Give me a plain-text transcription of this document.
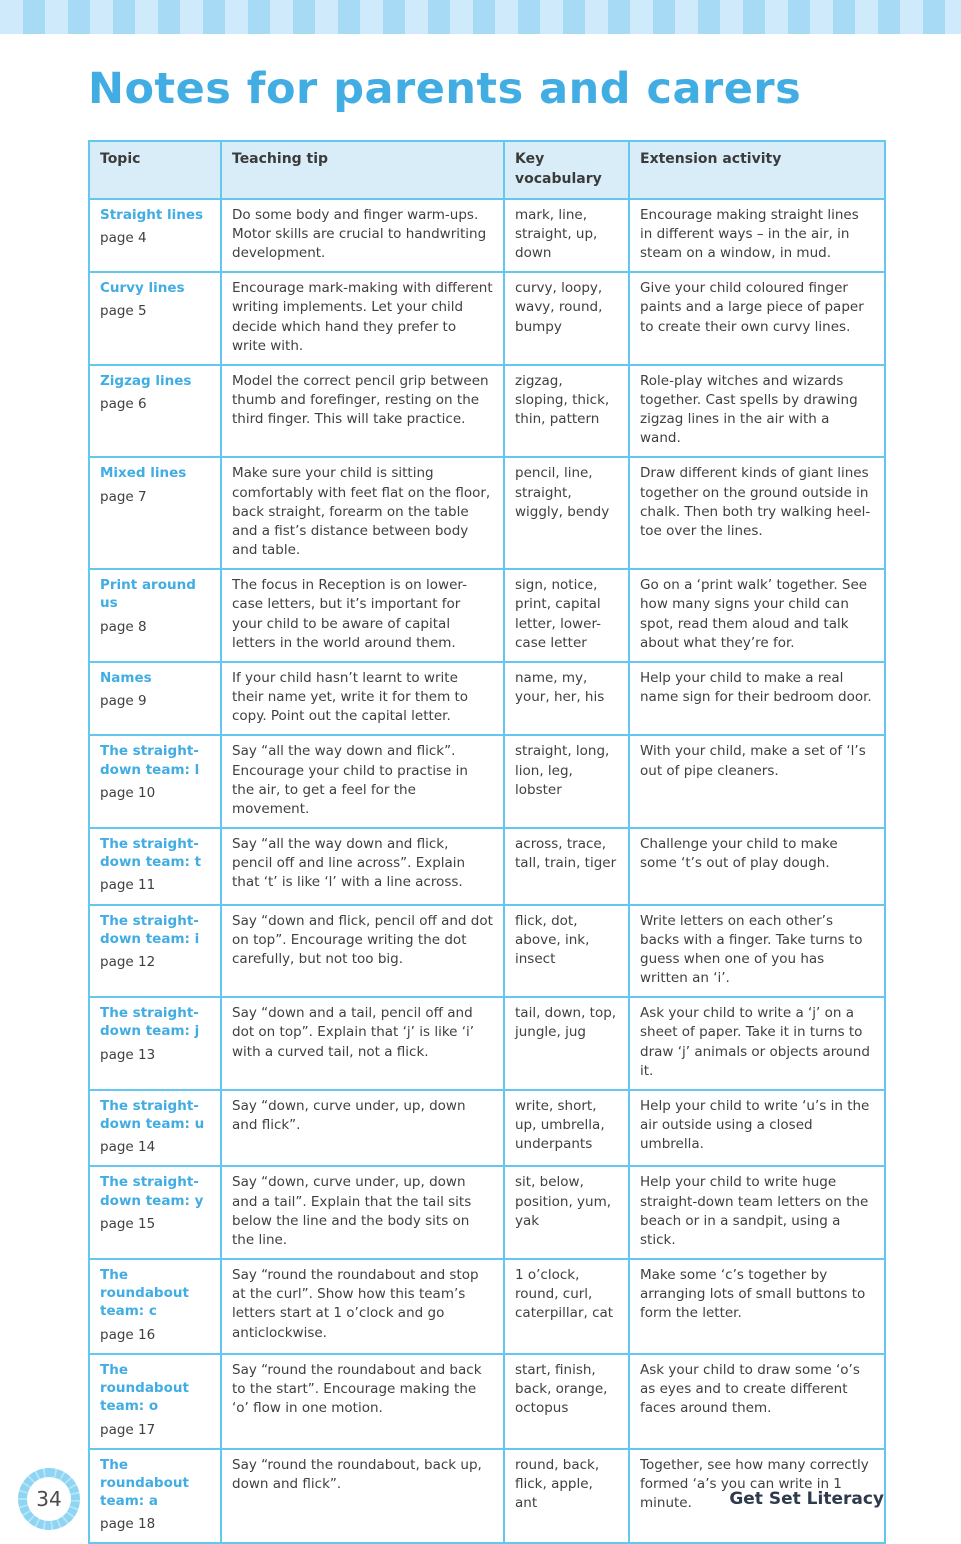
Notes for parents and carers
Topic	Teaching tip	Key vocabulary	Extension activity

Straight lines
page 4	Do some body and finger warm-ups. Motor skills are crucial to handwriting development.	mark, line, straight, up, down	Encourage making straight lines in different ways – in the air, in steam on a window, in mud.

Curvy lines
page 5	Encourage mark-making with different writing implements. Let your child decide which hand they prefer to write with.	curvy, loopy, wavy, round, bumpy	Give your child coloured finger paints and a large piece of paper to create their own curvy lines.

Zigzag lines
page 6	Model the correct pencil grip between thumb and forefinger, resting on the third finger. This will take practice.	zigzag, sloping, thick, thin, pattern	Role-play witches and wizards together. Cast spells by drawing zigzag lines in the air with a wand.

Mixed lines
page 7	Make sure your child is sitting comfortably with feet flat on the floor, back straight, forearm on the table and a fist’s distance between body and table.	pencil, line, straight, wiggly, bendy	Draw different kinds of giant lines together on the ground outside in chalk. Then both try walking heel-toe over the lines.

Print around us
page 8	The focus in Reception is on lower-case letters, but it’s important for your child to be aware of capital letters in the world around them.	sign, notice, print, capital letter, lower-case letter	Go on a ‘print walk’ together. See how many signs your child can spot, read them aloud and talk about what they’re for.

Names
page 9	If your child hasn’t learnt to write their name yet, write it for them to copy. Point out the capital letter.	name, my, your, her, his	Help your child to make a real name sign for their bedroom door.

The straight-down team: l
page 10	Say “all the way down and flick”. Encourage your child to practise in the air, to get a feel for the movement.	straight, long, lion, leg, lobster	With your child, make a set of ‘l’s out of pipe cleaners.

The straight-down team: t
page 11	Say “all the way down and flick, pencil off and line across”. Explain that ‘t’ is like ‘l’ with a line across.	across, trace, tall, train, tiger	Challenge your child to make some ‘t’s out of play dough.

The straight-down team: i
page 12	Say “down and flick, pencil off and dot on top”. Encourage writing the dot carefully, but not too big.	flick, dot, above, ink, insect	Write letters on each other’s backs with a finger. Take turns to guess when one of you has written an ‘i’.

The straight-down team: j
page 13	Say “down and a tail, pencil off and dot on top”. Explain that ‘j’ is like ‘i’ with a curved tail, not a flick.	tail, down, top, jungle, jug	Ask your child to write a ‘j’ on a sheet of paper. Take it in turns to draw ‘j’ animals or objects around it.

The straight-down team: u
page 14	Say “down, curve under, up, down and flick”.	write, short, up, umbrella, underpants	Help your child to write ‘u’s in the air outside using a closed umbrella.

The straight-down team: y
page 15	Say “down, curve under, up, down and a tail”. Explain that the tail sits below the line and the body sits on the line.	sit, below, position, yum, yak	Help your child to write huge straight-down team letters on the beach or in a sandpit, using a stick.

The roundabout team: c
page 16	Say “round the roundabout and stop at the curl”. Show how this team’s letters start at 1 o’clock and go anticlockwise.	1 o’clock, round, curl, caterpillar, cat	Make some ‘c’s together by arranging lots of small buttons to form the letter.

The roundabout team: o
page 17	Say “round the roundabout and back to the start”. Encourage making the ‘o’ flow in one motion.	start, finish, back, orange, octopus	Ask your child to draw some ‘o’s as eyes and to create different faces around them.

The roundabout team: a
page 18	Say “round the roundabout, back up, down and flick”.	round, back, flick, apple, ant	Together, see how many correctly formed ‘a’s you can write in 1 minute.
34	Get Set Literacy
